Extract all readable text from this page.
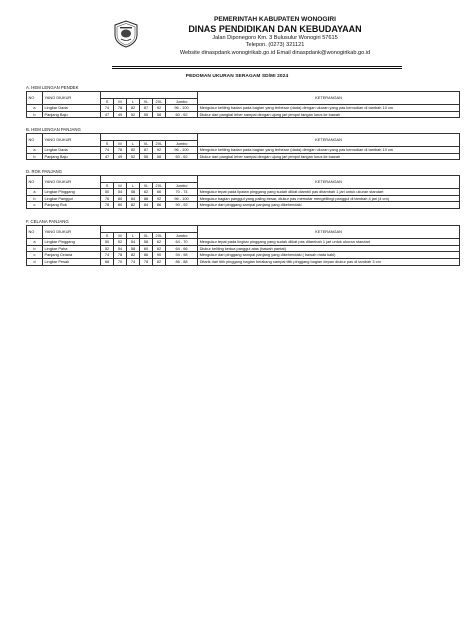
PEMERINTAH KABUPATEN WONOGIRI
DINAS PENDIDIKAN DAN KEBUDAYAAN
Jalan Diponegoro Km. 3 Bulusulur Wonogiri 57615
Telepon. (0273) 321121
Website dinaspdank.wonogirikab.go.id Email dinaspdank@wonogirikab.go.id
PEDOMAN UKURAN SERAGAM SD/MI 2024
A. HEM LENGAN PENDEK
NO	YANG DIUKUR							KETERANGAN
		S	M	L	XL	2XL	Jumbo	
a	Lingkar Dada	74	78	82	87	92	96 - 100	Mengukur keliling badan pada bagian yang terbesar (dada) dengan ukuran yang pas kemudian di tambah 10 cm
b	Panjang Baju	47	49	52	55	58	60 - 62	Diukur dari pangkal leher sampai dengan ujung jari jempol tangan lurus ke bawah
B. HEM LENGAN PANJANG
NO	YANG DIUKUR							KETERANGAN
		S	M	L	XL	2XL	Jumbo	
a	Lingkar Dada	74	78	82	87	92	96 - 100	Mengukur keliling badan pada bagian yang terbesar (dada) dengan ukuran yang pas kemudian di tambah 10 cm
b	Panjang Baju	47	49	52	55	58	60 - 62	Diukur dari pangkal leher sampai dengan ujung jari jempol tangan lurus ke bawah
D. ROK PANJANG
NO	YANG DIUKUR							KETERANGAN
		S	M	L	XL	2XL	Jumbo	
a	Lingkar Pinggang	50	54	58	62	66	70 - 74	Mengukur tepat pada lipatan pinggang yang sudah diikat diambil pas ditambah 1 jari untuk ukuran standart
b	Lingkar Panggul	76	80	84	88	92	96 - 100	Mengukur bagian panggul yang paling besar, diukur pas memutar mengelilingi panggul di tambah 4 jari (4 cm)
c	Panjang Rok	78	80	82	84	86	90 - 92	Mengukur dari pinggang sampai panjang yang dikehendaki
F. CELANA PANJANG
NO	YANG DIUKUR							KETERANGAN
		S	M	L	XL	2XL	Jumbo	
a	Lingkar Pinggang	50	52	54	58	62	64 - 70	Mengukur tepat pada lingkar pinggang yang sudah diikat pas ditambah 1 jari untuk ukuran standart
b	Lingkar Paha	52	54	58	60	62	64 - 66	Diukur keliling kedua panggul atas (bawah pantat)
c	Panjang Celana	74	78	82	86	90	94 - 98	Mengukur dari pinggang sampai panjang yang dikehendaki ( bawah mata kaki)
d	Lingkar Pesak	68	70	74	78	82	86 - 88	Ditarik dari titik pinggang bagian belakang sampai titik pinggang bagian depan diukur pas di tambah 3 cm
